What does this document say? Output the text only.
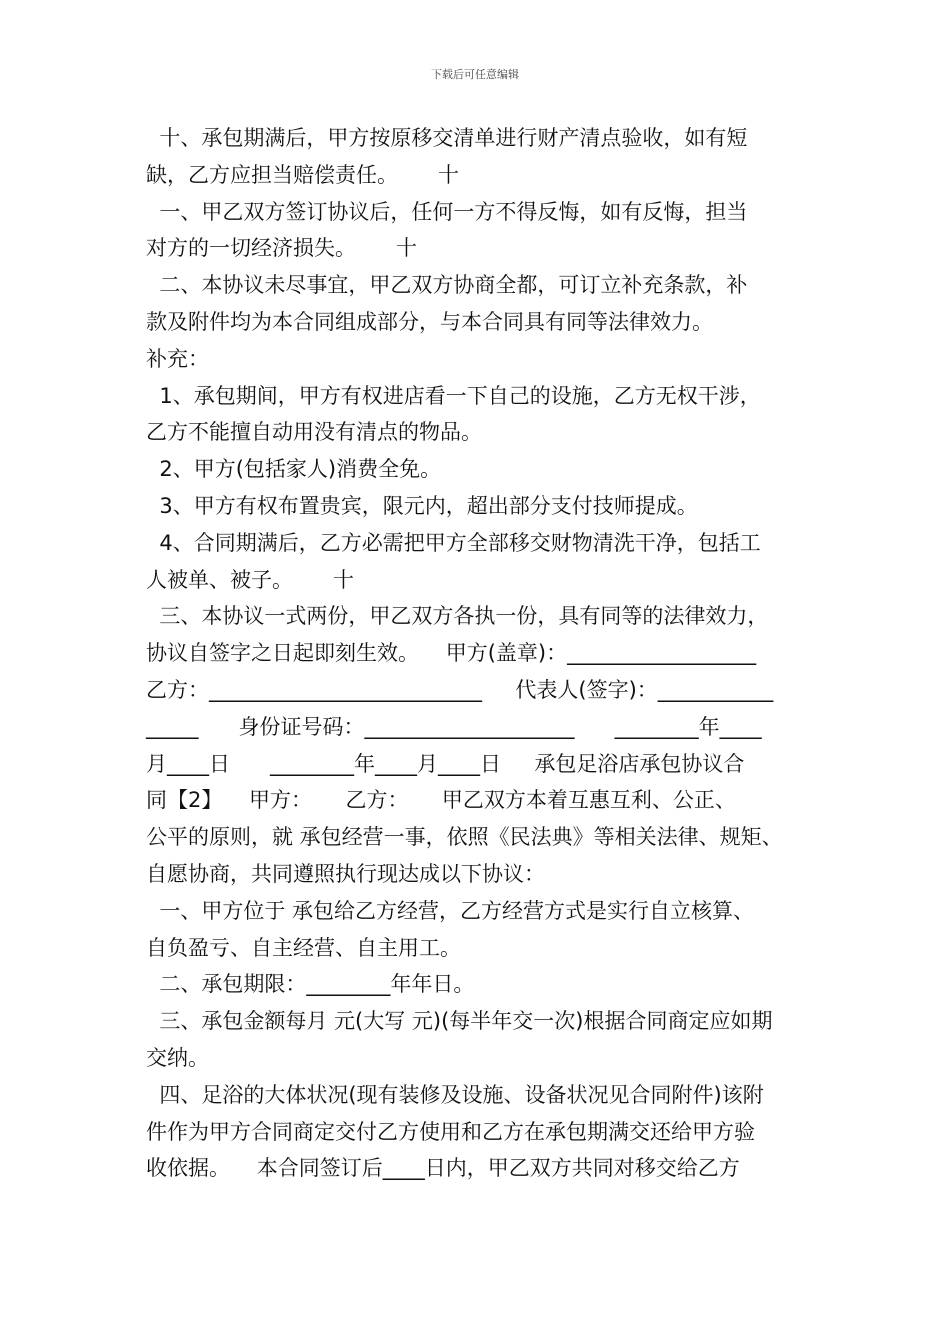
下载后可任意编辑

十、承包期满后，甲方按原移交清单进行财产清点验收，如有短

缺，乙方应担当赔偿责任。      十

一、甲乙双方签订协议后，任何一方不得反悔，如有反悔，担当

对方的一切经济损失。      十

二、本协议未尽事宜，甲乙双方协商全都，可订立补充条款，补

款及附件均为本合同组成部分，与本合同具有同等法律效力。

补充：

1、承包期间，甲方有权进店看一下自己的设施，乙方无权干涉，

乙方不能擅自动用没有清点的物品。

2、甲方(包括家人)消费全免。

3、甲方有权布置贵宾，限元内，超出部分支付技师提成。

4、合同期满后，乙方必需把甲方全部移交财物清洗干净，包括工

人被单、被子。      十

三、本协议一式两份，甲乙双方各执一份，具有同等的法律效力，

协议自签字之日起即刻生效。    甲方(盖章)：__________________

乙方：__________________________     代表人(签字)：___________

_____      身份证号码：____________________      ________年____

月____日      ________年____月____日     承包足浴店承包协议合

同【2】    甲方：     乙方：     甲乙双方本着互惠互利、公正、

公平的原则，就 承包经营一事，依照《民法典》等相关法律、规矩、

自愿协商，共同遵照执行现达成以下协议：

一、甲方位于 承包给乙方经营，乙方经营方式是实行自立核算、

自负盈亏、自主经营、自主用工。

二、承包期限：________年年日。

三、承包金额每月 元(大写 元)(每半年交一次)根据合同商定应如期

交纳。

四、足浴的大体状况(现有装修及设施、设备状况见合同附件)该附

件作为甲方合同商定交付乙方使用和乙方在承包期满交还给甲方验

收依据。    本合同签订后____日内，甲乙双方共同对移交给乙方
